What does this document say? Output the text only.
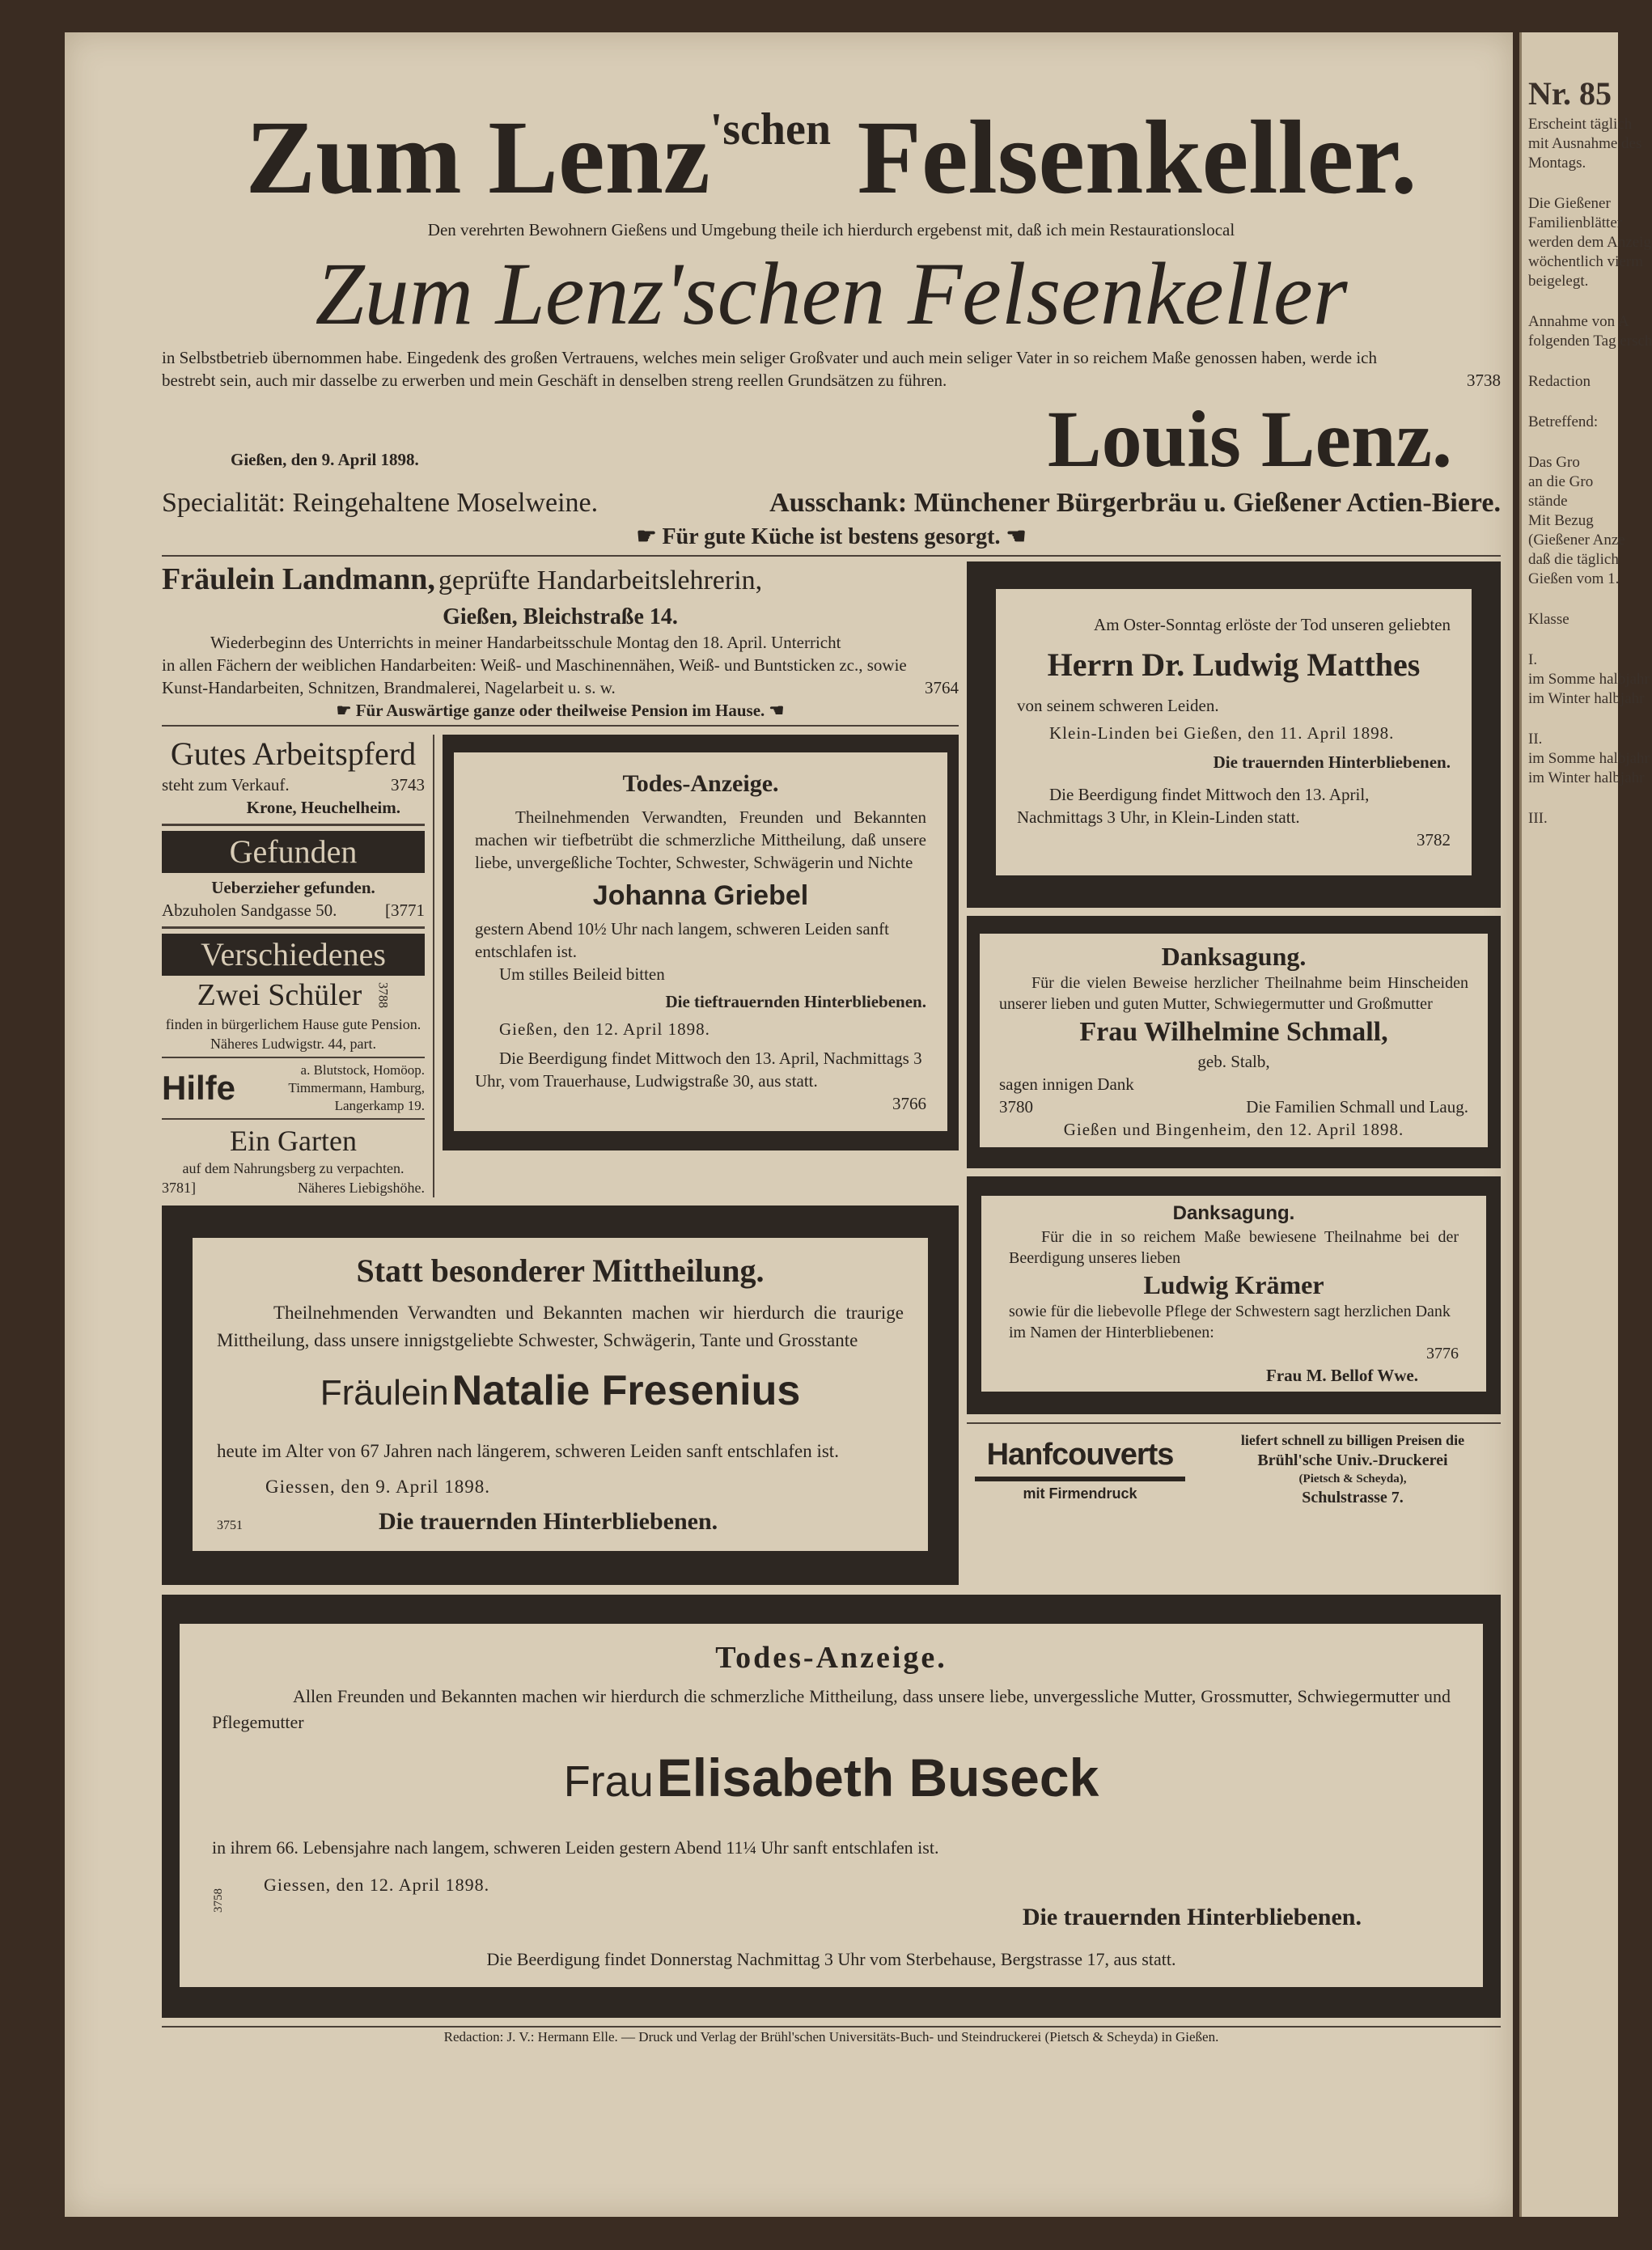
Zum Lenz$^{'schen}$ Felsenkeller.
Den verehrten Bewohnern Gießens und Umgebung theile ich hierdurch ergebenst mit, daß ich mein Restaurationslocal
Zum Lenz'schen Felsenkeller
in Selbstbetrieb übernommen habe. Eingedenk des großen Vertrauens, welches mein seliger Großvater und auch mein seliger Vater in so reichem Maße genossen haben, werde ich
3738
bestrebt sein, auch mir dasselbe zu erwerben und mein Geschäft in denselben streng reellen Grundsätzen zu führen.
Gießen, den 9. April 1898.	Louis Lenz.
Specialität: Reingehaltene Moselweine.	Ausschank: Münchener Bürgerbräu u. Gießener Actien-Biere.
☛ Für gute Küche ist bestens gesorgt. ☚
Fräulein Landmann, geprüfte Handarbeitslehrerin,
Gießen, Bleichstraße 14.
Wiederbeginn des Unterrichts in meiner Handarbeitsschule Montag den 18. April. Unterricht
in allen Fächern der weiblichen Handarbeiten: Weiß- und Maschinennähen, Weiß- und Buntsticken zc., sowie
Kunst-Handarbeiten, Schnitzen, Brandmalerei, Nagelarbeit u. s. w.	3764
☛ Für Auswärtige ganze oder theilweise Pension im Hause. ☚
Gutes Arbeitspferd
steht zum Verkauf.	3743
Krone, Heuchelheim.
Gefunden
Ueberzieher gefunden.
Abzuholen Sandgasse 50.	[3771
Verschiedenes
Zwei Schüler 3788
finden in bürgerlichem Hause gute Pension.
Näheres Ludwigstr. 44, part.
Hilfe	a. Blutstock, Homöop. Timmermann, Hamburg, Langerkamp 19.
Ein Garten
auf dem Nahrungsberg zu verpachten.
3781]	Näheres Liebigshöhe.
Todes-Anzeige.
Theilnehmenden Verwandten, Freunden und Bekannten machen wir tiefbetrübt die schmerzliche Mittheilung, daß unsere liebe, unvergeßliche Tochter, Schwester, Schwägerin und Nichte
Johanna Griebel
gestern Abend 10½ Uhr nach langem, schweren Leiden sanft entschlafen ist.
Um stilles Beileid bitten
Die tieftrauernden Hinterbliebenen.
Gießen, den 12. April 1898.
Die Beerdigung findet Mittwoch den 13. April, Nachmittags 3 Uhr, vom Trauerhause, Ludwigstraße 30, aus statt.
3766
Statt besonderer Mittheilung.
Theilnehmenden Verwandten und Bekannten machen wir hierdurch die traurige Mittheilung, dass unsere innigstgeliebte Schwester, Schwägerin, Tante und Grosstante
Fräulein Natalie Fresenius
heute im Alter von 67 Jahren nach längerem, schweren Leiden sanft entschlafen ist.
Giessen, den 9. April 1898.
3751	Die trauernden Hinterbliebenen.
Am Oster-Sonntag erlöste der Tod unseren geliebten
Herrn Dr. Ludwig Matthes
von seinem schweren Leiden.
Klein-Linden bei Gießen, den 11. April 1898.
Die trauernden Hinterbliebenen.
Die Beerdigung findet Mittwoch den 13. April, Nachmittags 3 Uhr, in Klein-Linden statt.
3782
Danksagung.
Für die vielen Beweise herzlicher Theilnahme beim Hinscheiden unserer lieben und guten Mutter, Schwiegermutter und Großmutter
Frau Wilhelmine Schmall,
geb. Stalb,
sagen innigen Dank
3780	Die Familien Schmall und Laug.
Gießen und Bingenheim, den 12. April 1898.
Danksagung.
Für die in so reichem Maße bewiesene Theilnahme bei der Beerdigung unseres lieben
Ludwig Krämer
sowie für die liebevolle Pflege der Schwestern sagt herzlichen Dank im Namen der Hinterbliebenen:
3776
Frau M. Bellof Wwe.
Hanfcouverts
mit Firmendruck
liefert schnell zu billigen Preisen die
Brühl'sche Univ.-Druckerei
(Pietsch & Scheyda),
Schulstrasse 7.
Todes-Anzeige.
Allen Freunden und Bekannten machen wir hierdurch die schmerzliche Mittheilung, dass unsere liebe, unvergessliche Mutter, Grossmutter, Schwiegermutter und Pflegemutter
Frau Elisabeth Buseck
in ihrem 66. Lebensjahre nach langem, schweren Leiden gestern Abend 11¼ Uhr sanft entschlafen ist.
3758
Giessen, den 12. April 1898.
Die trauernden Hinterbliebenen.
Die Beerdigung findet Donnerstag Nachmittag 3 Uhr vom Sterbehause, Bergstrasse 17, aus statt.
Redaction: J. V.: Hermann Elle. — Druck und Verlag der Brühl'schen Universitäts-Buch- und Steindruckerei (Pietsch & Scheyda) in Gießen.
Nr. 85
Erscheint täglich
mit Ausnahme des
Montags.
Die Gießener
Familienblätter
werden dem Anzeig
wöchentlich vierm
beigelegt.
Annahme von A
folgenden Tag ersch
Redaction
Betreffend:
Das Gro
an die Gro
stände
Mit Bezug
(Gießener Anze
daß die täglich
Gießen vom 1.
Klasse
I.
im Somme halbjahr
im Winter halbjahr
II.
im Somme halbjahr
im Winter halbjahr
III.
